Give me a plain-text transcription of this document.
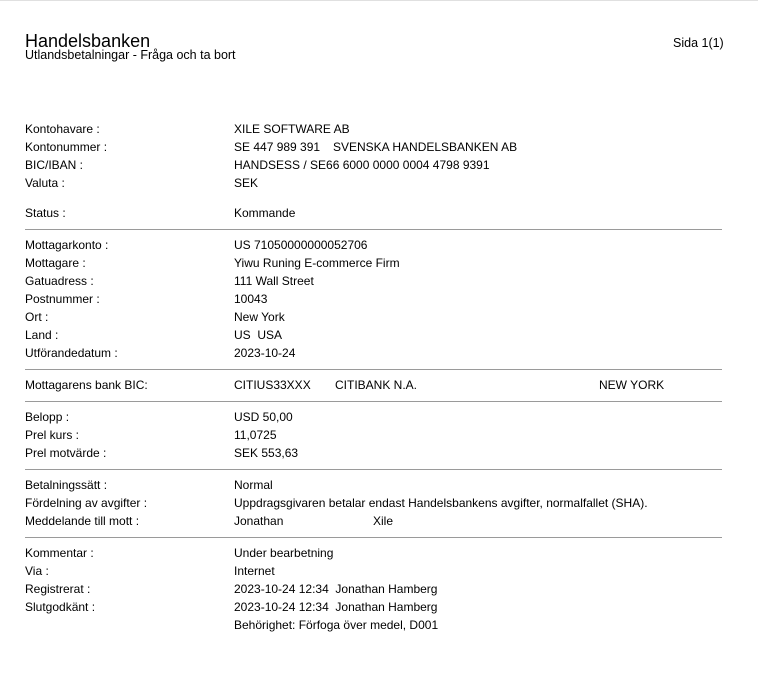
Handelsbanken
Utlandsbetalningar - Fråga och ta bort
Sida 1(1)
Kontohavare :	XILE SOFTWARE AB
Kontonummer :	SE 447 989 391 SVENSKA HANDELSBANKEN AB
BIC/IBAN :	HANDSESS / SE66 6000 0000 0004 4798 9391
Valuta :	SEK
Status :	Kommande
Mottagarkonto :	US 71050000000052706
Mottagare :	Yiwu Runing E-commerce Firm
Gatuadress :	111 Wall Street
Postnummer :	10043
Ort :	New York
Land :	US  USA
Utförandedatum :	2023-10-24
Mottagarens bank BIC:	CITIUS33XXX CITIBANK N.A.	NEW YORK
Belopp :	USD 50,00
Prel kurs :	11,0725
Prel motvärde :	SEK 553,63
Betalningssätt :	Normal
Fördelning av avgifter :	Uppdragsgivaren betalar endast Handelsbankens avgifter, normalfallet (SHA).
Meddelande till mott :	Jonathan	Xile
Kommentar :	Under bearbetning
Via :	Internet
Registrerat :	2023-10-24 12:34  Jonathan Hamberg
Slutgodkänt :	2023-10-24 12:34  Jonathan Hamberg
Behörighet: Förfoga över medel, D001
